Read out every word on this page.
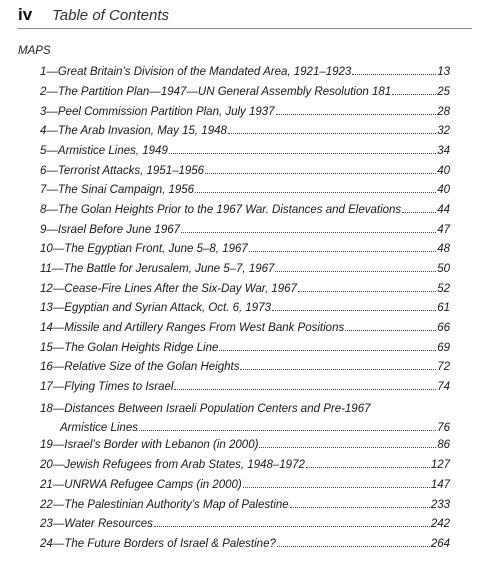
iv	Table of Contents
MAPS
1—Great Britain’s Division of the Mandated Area, 1921–1923	13
2—The Partition Plan—1947—UN General Assembly Resolution 181	25
3—Peel Commission Partition Plan, July 1937	28
4—The Arab Invasion, May 15, 1948	32
5—Armistice Lines, 1949	34
6—Terrorist Attacks, 1951–1956	40
7—The Sinai Campaign, 1956	40
8—The Golan Heights Prior to the 1967 War. Distances and Elevations	44
9—Israel Before June 1967	47
10—The Egyptian Front, June 5–8, 1967	48
11—The Battle for Jerusalem, June 5–7, 1967	50
12—Cease-Fire Lines After the Six-Day War, 1967	52
13—Egyptian and Syrian Attack, Oct. 6, 1973	61
14—Missile and Artillery Ranges From West Bank Positions	66
15—The Golan Heights Ridge Line	69
16—Relative Size of the Golan Heights	72
17—Flying Times to Israel	74
18—Distances Between Israeli Population Centers and Pre-1967
Armistice Lines	76
19—Israel’s Border with Lebanon (in 2000)	86
20—Jewish Refugees from Arab States, 1948–1972	127
21—UNRWA Refugee Camps (in 2000)	147
22—The Palestinian Authority’s Map of Palestine	233
23—Water Resources	242
24—The Future Borders of Israel & Palestine?	264
